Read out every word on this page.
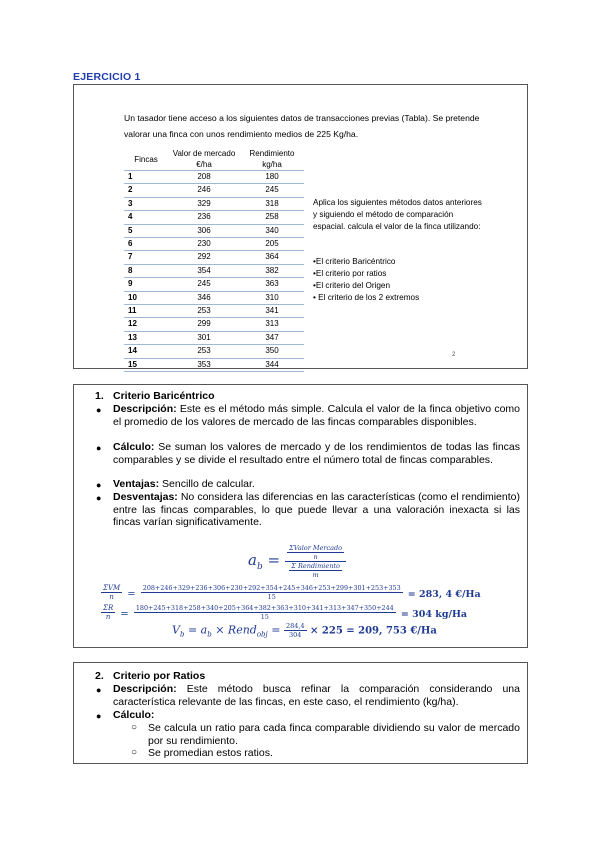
EJERCICIO 1
Un tasador tiene acceso a los siguientes datos de transacciones previas (Tabla). Se pretende valorar una finca con unos rendimiento medios de 225 Kg/ha.
Fincas	Valor de mercado €/ha	Rendimiento kg/ha
1	208	180
2	246	245
3	329	318
4	236	258
5	306	340
6	230	205
7	292	364
8	354	382
9	245	363
10	346	310
11	253	341
12	299	313
13	301	347
14	253	350
15	353	344
Aplica los siguientes métodos datos anteriores y siguiendo el método de comparación espacial. calcula el valor de la finca utilizando:
•El criterio Baricéntrico
•El criterio por ratios
•El criterio del Origen
• El criterio de los 2 extremos
2
1. Criterio Baricéntrico
● Descripción: Este es el método más simple. Calcula el valor de la finca objetivo como el promedio de los valores de mercado de las fincas comparables disponibles.
● Cálculo: Se suman los valores de mercado y de los rendimientos de todas las fincas comparables y se divide el resultado entre el número total de fincas comparables.
● Ventajas: Sencillo de calcular.
● Desventajas: No considera las diferencias en las características (como el rendimiento) entre las fincas comparables, lo que puede llevar a una valoración inexacta si las fincas varían significativamente.
$a_b = \frac{\frac{\text{ΣValor Mercado}}{n}}{\frac{\text{Σ Rendimiento}}{m}}$
$\frac{\text{ΣVM}}{n} = \frac{208+246+329+236+306+230+292+354+245+346+253+299+301+253+353}{15} = 283$, 4 €/Ha
$\frac{\Sigma R}{n} = \frac{180+245+318+258+340+205+364+382+363+310+341+313+347+350+244}{15} = 304$ kg/Ha
$V_b = a_b$ × Rend$_{obj}$ = $\frac{284,4}{304} \times 225 = 209$, 753 €/Ha
2. Criterio por Ratios
● Descripción: Este método busca refinar la comparación considerando una característica relevante de las fincas, en este caso, el rendimiento (kg/ha).
● Cálculo:
○ Se calcula un ratio para cada finca comparable dividiendo su valor de mercado por su rendimiento.
○ Se promedian estos ratios.
